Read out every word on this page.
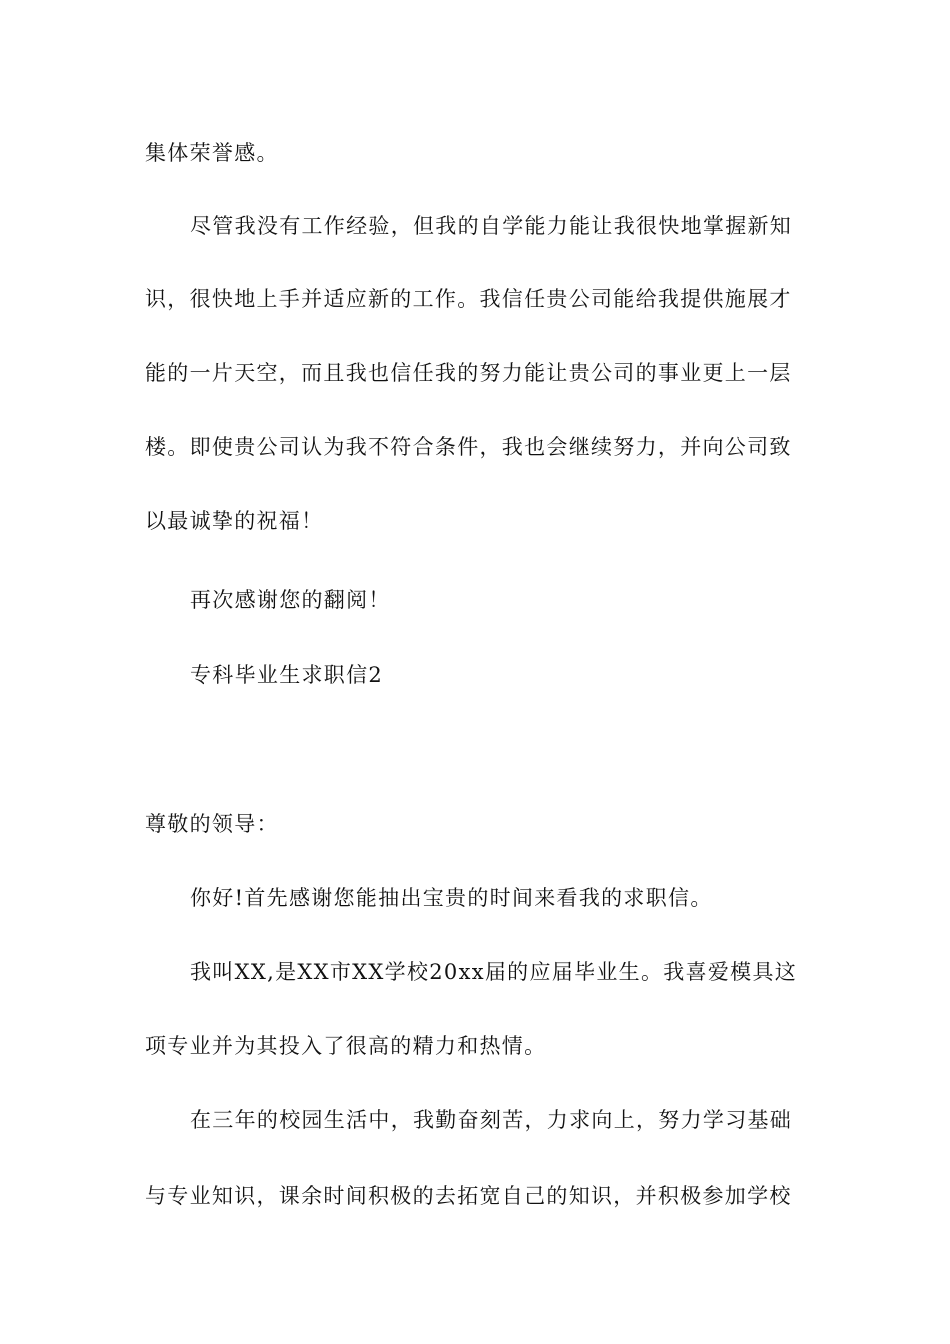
集体荣誉感。

尽管我没有工作经验，但我的自学能力能让我很快地掌握新知

识，很快地上手并适应新的工作。我信任贵公司能给我提供施展才

能的一片天空，而且我也信任我的努力能让贵公司的事业更上一层

楼。即使贵公司认为我不符合条件，我也会继续努力，并向公司致

以最诚挚的祝福！

再次感谢您的翻阅！

专科毕业生求职信2

尊敬的领导：

你好!首先感谢您能抽出宝贵的时间来看我的求职信。

我叫XX,是XX市XX学校20xx届的应届毕业生。我喜爱模具这

项专业并为其投入了很高的精力和热情。

在三年的校园生活中，我勤奋刻苦，力求向上，努力学习基础

与专业知识，课余时间积极的去拓宽自己的知识，并积极参加学校
